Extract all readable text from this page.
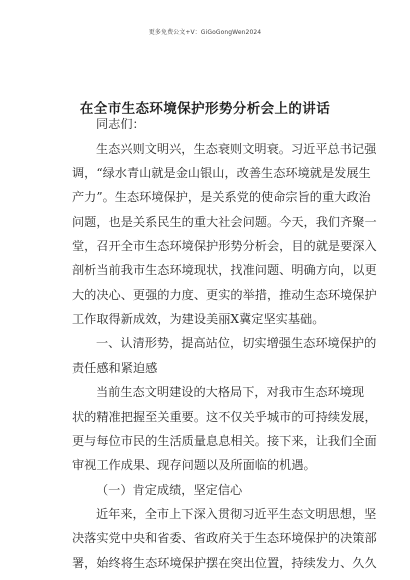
更多免费公文+V：GiGoGongWen2024
在全市生态环境保护形势分析会上的讲话
同志们：
生态兴则文明兴，生态衰则文明衰。习近平总书记强
调，“绿水青山就是金山银山，改善生态环境就是发展生
产力”。生态环境保护，是关系党的使命宗旨的重大政治
问题，也是关系民生的重大社会问题。今天，我们齐聚一
堂，召开全市生态环境保护形势分析会，目的就是要深入
剖析当前我市生态环境现状，找准问题、明确方向，以更
大的决心、更强的力度、更实的举措，推动生态环境保护
工作取得新成效，为建设美丽X冀定坚实基础。
一、认清形势，提高站位，切实增强生态环境保护的
责任感和紧迫感
当前生态文明建设的大格局下，对我市生态环境现
状的精准把握至关重要。这不仅关乎城市的可持续发展，
更与每位市民的生活质量息息相关。接下来，让我们全面
审视工作成果、现存问题以及所面临的机遇。
（一）肯定成绩，坚定信心
近年来，全市上下深入贯彻习近平生态文明思想，坚
决落实党中央和省委、省政府关于生态环境保护的决策部
署，始终将生态环境保护摆在突出位置，持续发力、久久
